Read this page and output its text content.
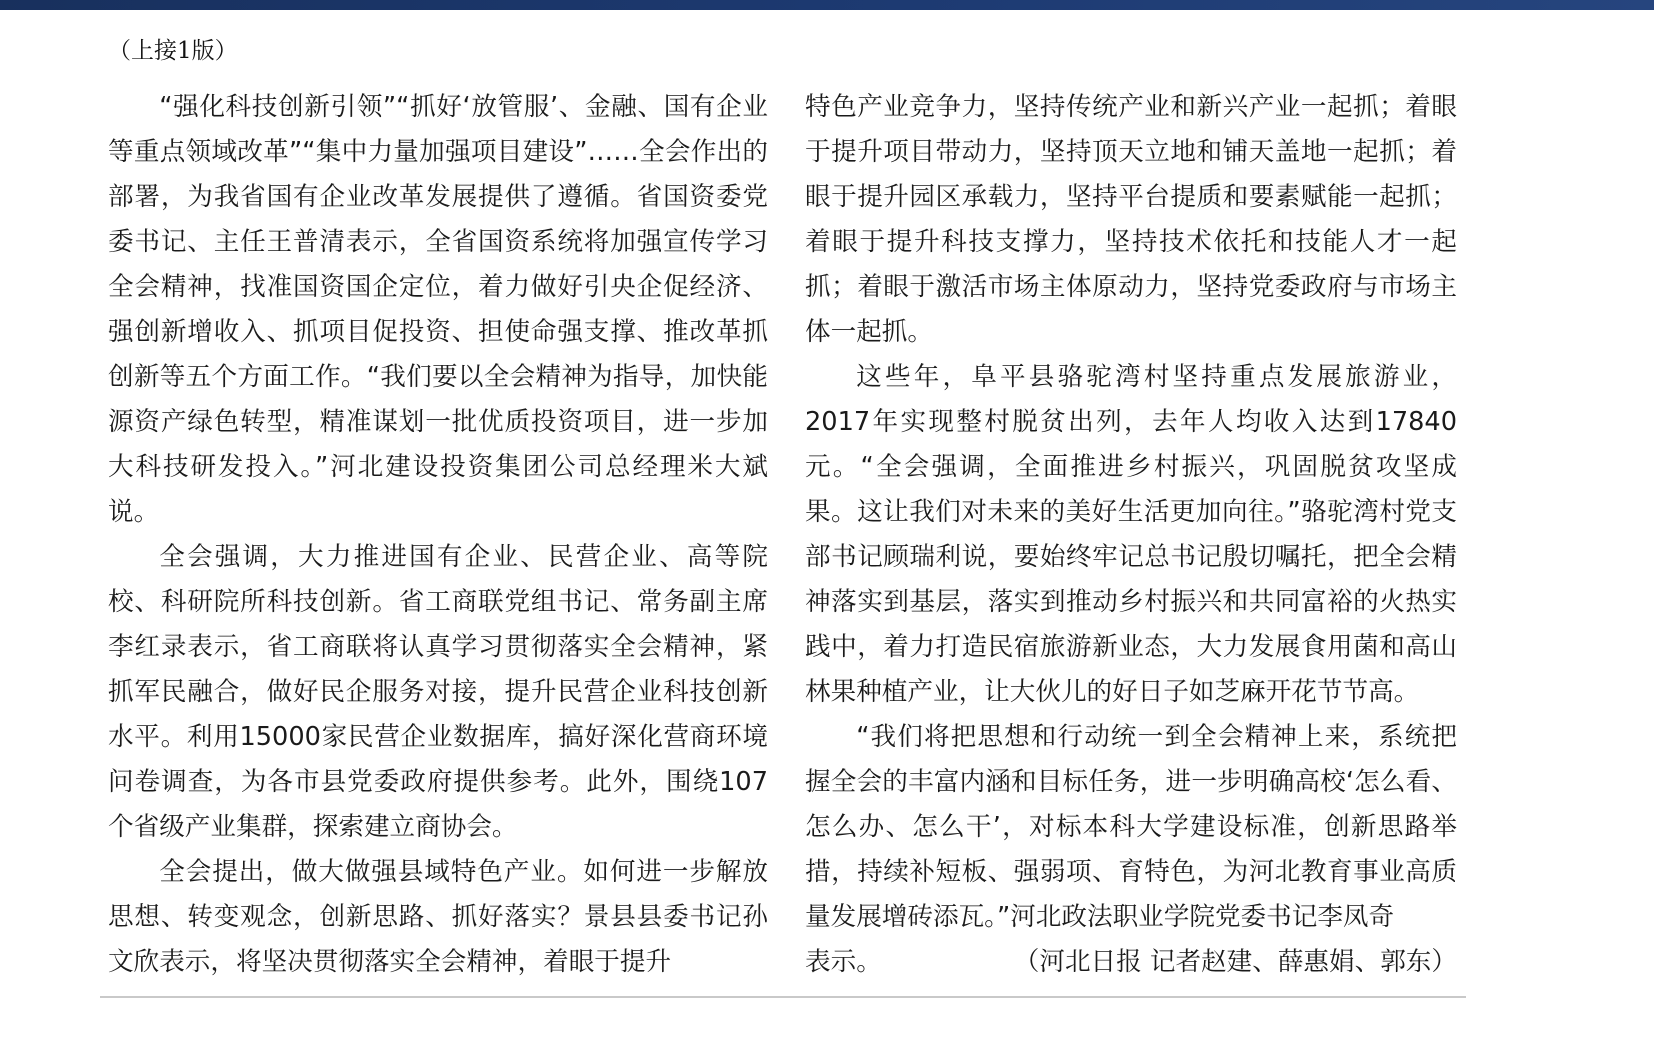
（上接1版）

“强化科技创新引领”“抓好‘放管服’、金融、国有企业等重点领域改革”“集中力量加强项目建设”……全会作出的部署，为我省国有企业改革发展提供了遵循。省国资委党委书记、主任王普清表示，全省国资系统将加强宣传学习全会精神，找准国资国企定位，着力做好引央企促经济、强创新增收入、抓项目促投资、担使命强支撑、推改革抓创新等五个方面工作。“我们要以全会精神为指导，加快能源资产绿色转型，精准谋划一批优质投资项目，进一步加大科技研发投入。”河北建设投资集团公司总经理米大斌说。

全会强调，大力推进国有企业、民营企业、高等院校、科研院所科技创新。省工商联党组书记、常务副主席李红录表示，省工商联将认真学习贯彻落实全会精神，紧抓军民融合，做好民企服务对接，提升民营企业科技创新水平。利用15000家民营企业数据库，搞好深化营商环境问卷调查，为各市县党委政府提供参考。此外，围绕107个省级产业集群，探索建立商协会。

全会提出，做大做强县域特色产业。如何进一步解放思想、转变观念，创新思路、抓好落实？景县县委书记孙文欣表示，将坚决贯彻落实全会精神，着眼于提升

特色产业竞争力，坚持传统产业和新兴产业一起抓；着眼于提升项目带动力，坚持顶天立地和铺天盖地一起抓；着眼于提升园区承载力，坚持平台提质和要素赋能一起抓；着眼于提升科技支撑力，坚持技术依托和技能人才一起抓；着眼于激活市场主体原动力，坚持党委政府与市场主体一起抓。

这些年，阜平县骆驼湾村坚持重点发展旅游业，2017年实现整村脱贫出列，去年人均收入达到17840元。“全会强调，全面推进乡村振兴，巩固脱贫攻坚成果。这让我们对未来的美好生活更加向往。”骆驼湾村党支部书记顾瑞利说，要始终牢记总书记殷切嘱托，把全会精神落实到基层，落实到推动乡村振兴和共同富裕的火热实践中，着力打造民宿旅游新业态，大力发展食用菌和高山林果种植产业，让大伙儿的好日子如芝麻开花节节高。

“我们将把思想和行动统一到全会精神上来，系统把握全会的丰富内涵和目标任务，进一步明确高校‘怎么看、怎么办、怎么干’，对标本科大学建设标准，创新思路举措，持续补短板、强弱项、育特色，为河北教育事业高质量发展增砖添瓦。”河北政法职业学院党委书记李凤奇

表示。	（河北日报 记者赵建、薛惠娟、郭东）
